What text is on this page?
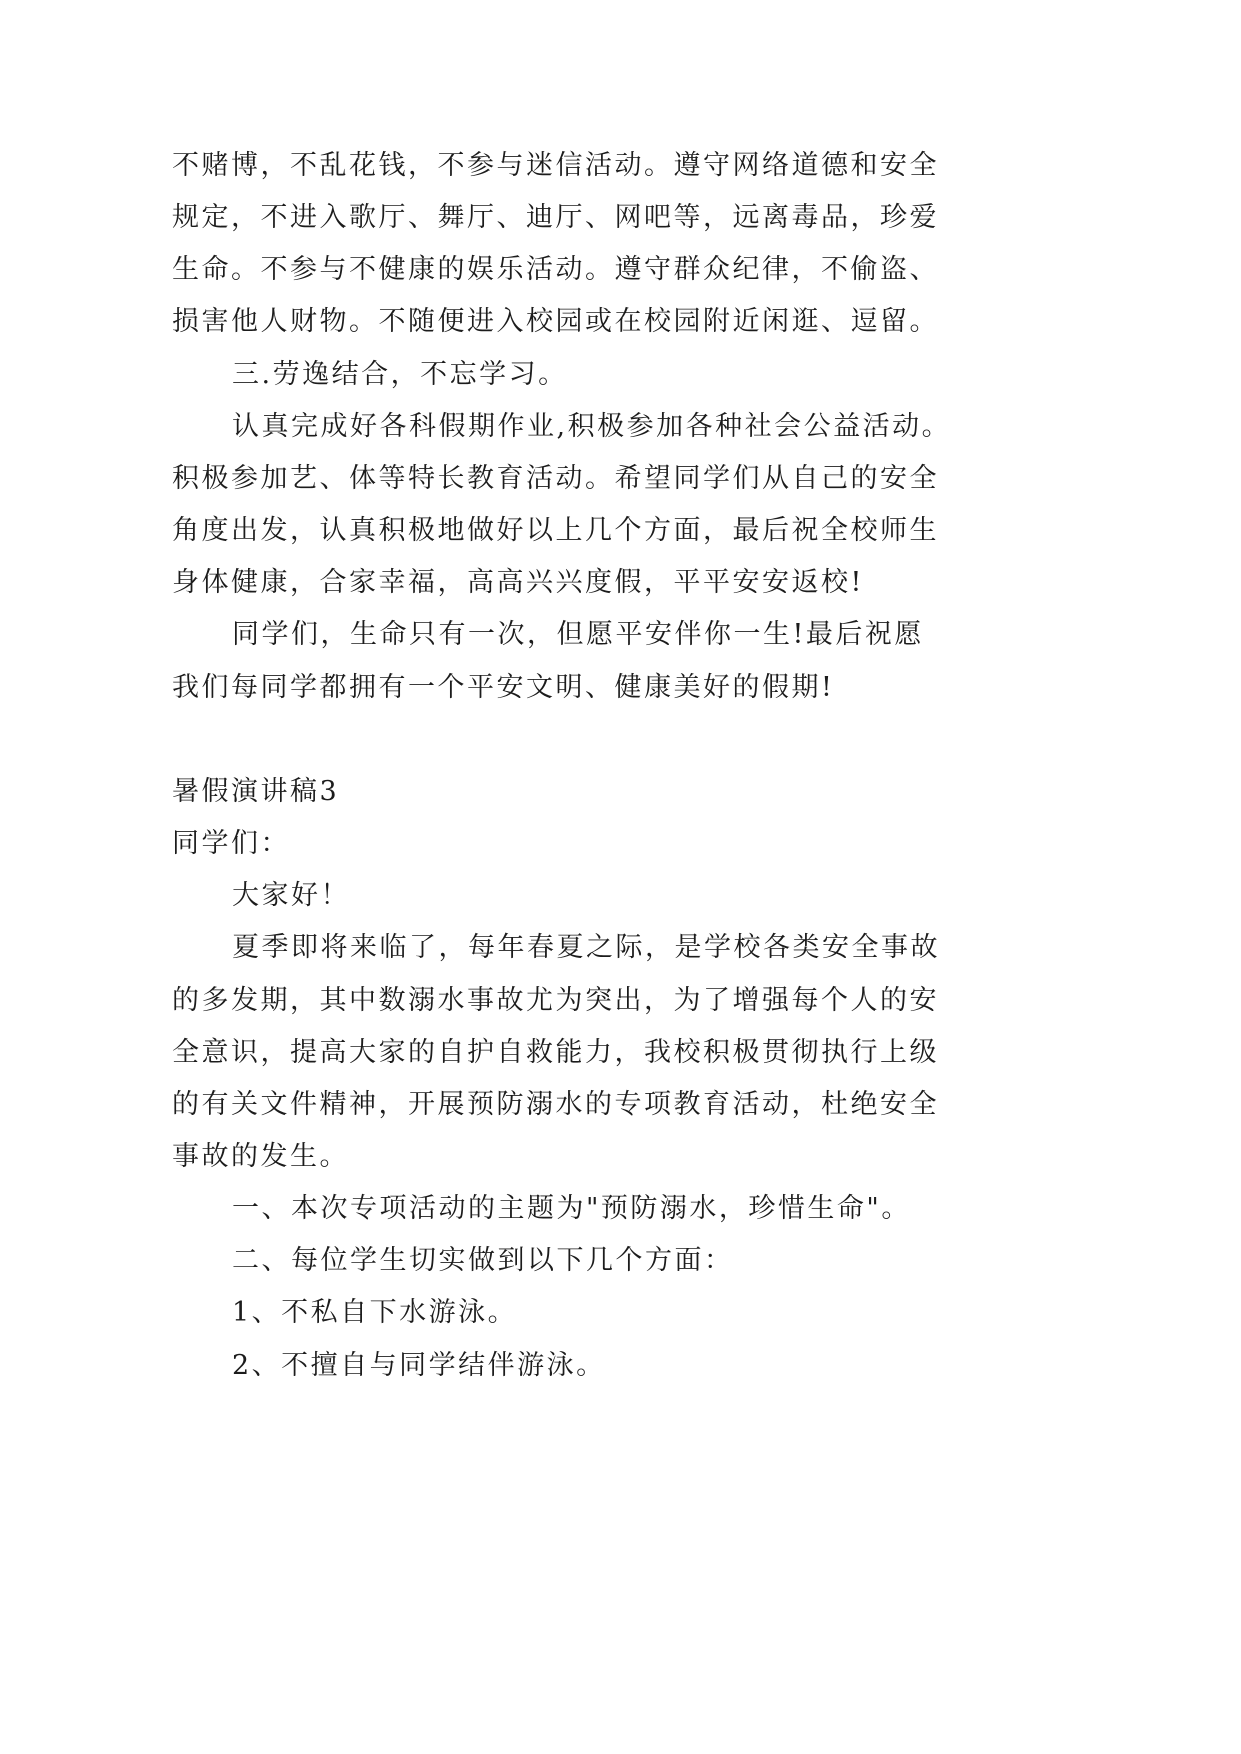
不赌博，不乱花钱，不参与迷信活动。遵守网络道德和安全
规定，不进入歌厅、舞厅、迪厅、网吧等，远离毒品，珍爱
生命。不参与不健康的娱乐活动。遵守群众纪律，不偷盗、
损害他人财物。不随便进入校园或在校园附近闲逛、逗留。
三.劳逸结合，不忘学习。
认真完成好各科假期作业,积极参加各种社会公益活动。
积极参加艺、体等特长教育活动。希望同学们从自己的安全
角度出发，认真积极地做好以上几个方面，最后祝全校师生
身体健康，合家幸福，高高兴兴度假，平平安安返校!
同学们，生命只有一次，但愿平安伴你一生!最后祝愿
我们每同学都拥有一个平安文明、健康美好的假期!
暑假演讲稿3
同学们：
大家好！
夏季即将来临了，每年春夏之际，是学校各类安全事故
的多发期，其中数溺水事故尤为突出，为了增强每个人的安
全意识，提高大家的自护自救能力，我校积极贯彻执行上级
的有关文件精神，开展预防溺水的专项教育活动，杜绝安全
事故的发生。
一、本次专项活动的主题为"预防溺水，珍惜生命"。
二、每位学生切实做到以下几个方面：
1、不私自下水游泳。
2、不擅自与同学结伴游泳。
